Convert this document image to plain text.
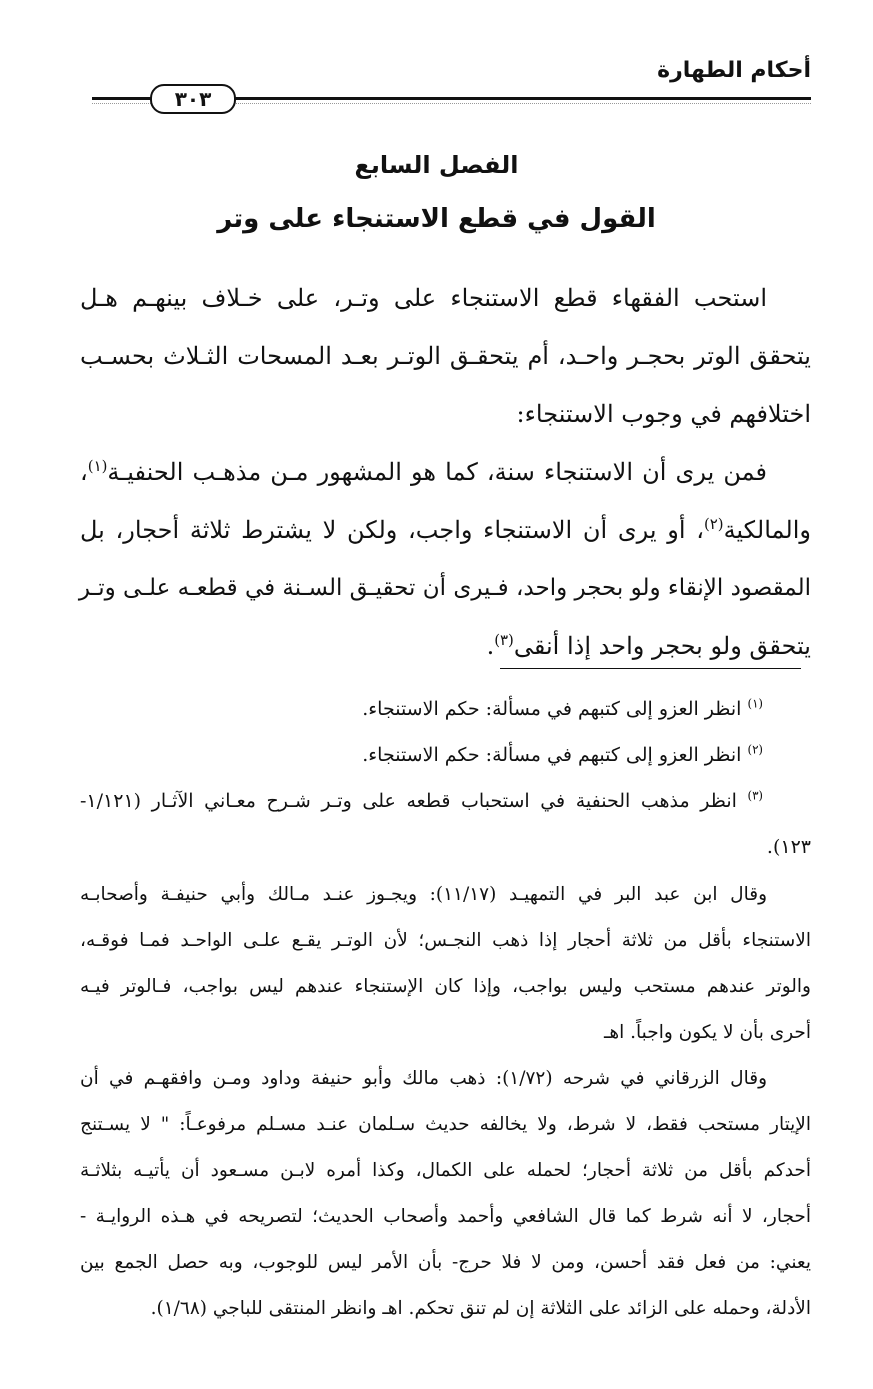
أحكام الطهارة
٣٠٣
الفصل السابع
القول في قطع الاستنجاء على وتر
استحب الفقهاء قطع الاستنجاء على وتـر، على خـلاف بينهـم هـل
يتحقق الوتر بحجـر واحـد، أم يتحقـق الوتـر بعـد المسحات الثـلاث بحسـب
اختلافهم في وجوب الاستنجاء:
فمن يرى أن الاستنجاء سنة، كما هو المشهور مـن مذهـب الحنفيـة$^{(١)}$،
والمالكية$^{(٢)}$، أو يرى أن الاستنجاء واجب، ولكن لا يشترط ثلاثة أحجار، بل
المقصود الإنقاء ولو بحجر واحد، فـيرى أن تحقيـق السـنة في قطعـه علـى وتـر
يتحقق ولو بحجر واحد إذا أنقى$^{(٣)}$.
$^{(١)}$ انظر العزو إلى كتبهم في مسألة: حكم الاستنجاء.
$^{(٢)}$ انظر العزو إلى كتبهم في مسألة: حكم الاستنجاء.
$^{(٣)}$ انظر مذهب الحنفية في استحباب قطعه على وتـر شـرح معـاني الآثـار (١/١٢١-
١٢٣).
وقال ابن عبد البر في التمهيـد (١١/١٧): ويجـوز عنـد مـالك وأبي حنيفـة وأصحابـه
الاستنجاء بأقل من ثلاثة أحجار إذا ذهب النجـس؛ لأن الوتـر يقـع علـى الواحـد فمـا فوقـه،
والوتر عندهم مستحب وليس بواجب، وإذا كان الإستنجاء عندهم ليس بواجب، فـالوتر فيـه
أحرى بأن لا يكون واجباً. اهـ
وقال الزرقاني في شرحه (١/٧٢): ذهب مالك وأبو حنيفة وداود ومـن وافقهـم في أن
الإيتار مستحب فقط، لا شرط، ولا يخالفه حديث سـلمان عنـد مسـلم مرفوعـاً: " لا يسـتنج
أحدكم بأقل من ثلاثة أحجار؛ لحمله على الكمال، وكذا أمره لابـن مسـعود أن يأتيـه بثلاثـة
أحجار، لا أنه شرط كما قال الشافعي وأحمد وأصحاب الحديث؛ لتصريحه في هـذه الروايـة -
يعني: من فعل فقد أحسن، ومن لا فلا حرج- بأن الأمر ليس للوجوب، وبه حصل الجمع بين
الأدلة، وحمله على الزائد على الثلاثة إن لم تنق تحكم. اهـ وانظر المنتقى للباجي (١/٦٨).
